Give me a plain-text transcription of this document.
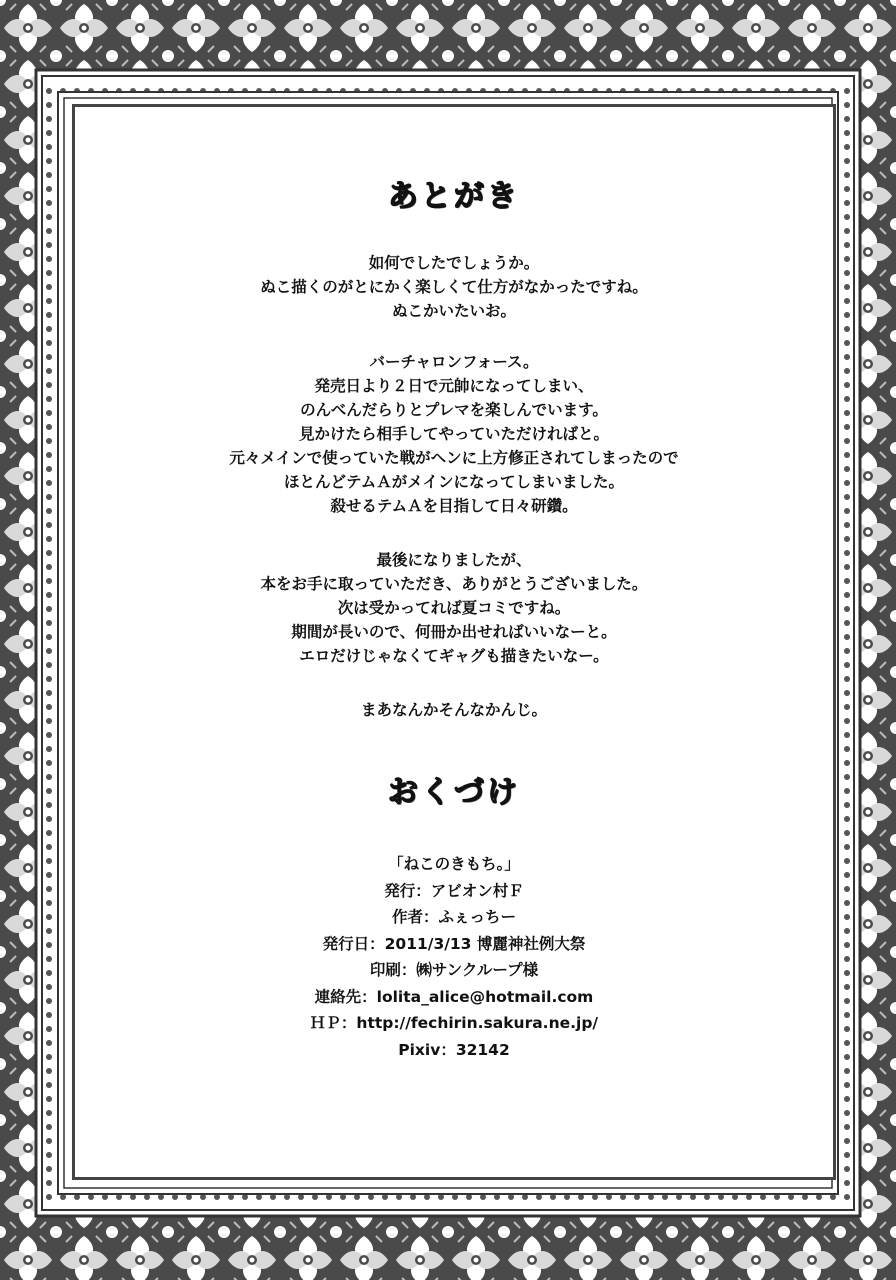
あとがき
如何でしたでしょうか。
ぬこ描くのがとにかく楽しくて仕方がなかったですね。
ぬこかいたいお。
バーチャロンフォース。
発売日より２日で元帥になってしまい、
のんべんだらりとプレマを楽しんでいます。
見かけたら相手してやっていただければと。
元々メインで使っていた戦がヘンに上方修正されてしまったので
ほとんどテムＡがメインになってしまいました。
殺せるテムＡを目指して日々研鑽。
最後になりましたが、
本をお手に取っていただき、ありがとうございました。
次は受かってれば夏コミですね。
期間が長いので、何冊か出せればいいなーと。
エロだけじゃなくてギャグも描きたいなー。
まあなんかそんなかんじ。
おくづけ
「ねこのきもち。」
発行：アビオン村Ｆ
作者：ふぇっちー
発行日：2011/3/13 博麗神社例大祭
印刷：㈱サンクループ様
連絡先：lolita_alice@hotmail.com
ＨＰ：http://fechirin.sakura.ne.jp/
Pixiv：32142
